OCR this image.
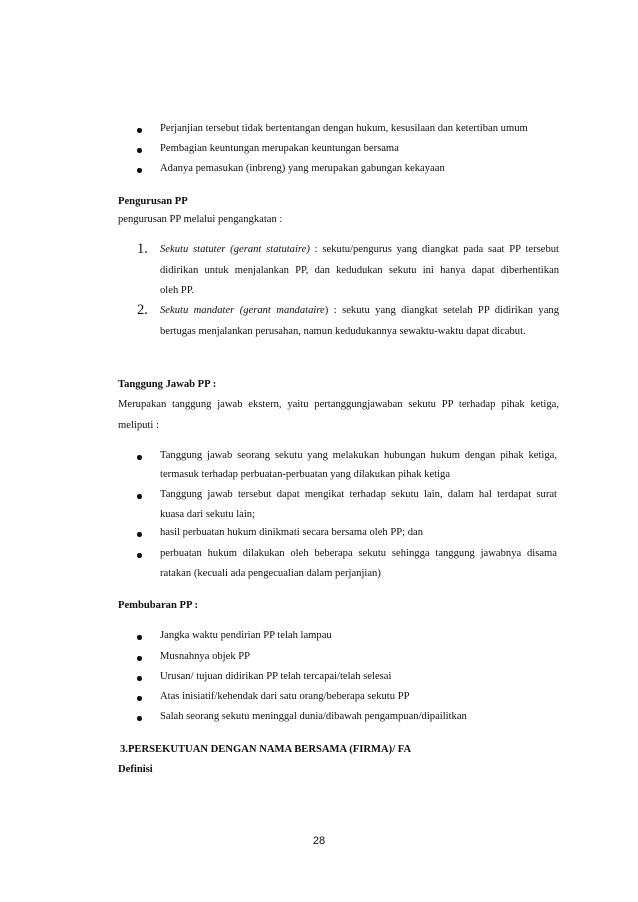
Perjanjian tersebut tidak bertentangan dengan hukum, kesusilaan dan ketertiban umum
Pembagian keuntungan merupakan keuntungan bersama
Adanya pemasukan (inbreng) yang merupakan gabungan kekayaan
Pengurusan PP
pengurusan PP melalui pengangkatan :
1. Sekutu statuter (gerant statutaire) : sekutu/pengurus yang diangkat pada saat PP tersebut
didirikan untuk menjalankan PP, dan kedudukan sekutu ini hanya dapat diberhentikan
oleh PP.
2. Sekutu mandater (gerant mandataire) : sekutu yang diangkat setelah PP didirikan yang
bertugas menjalankan perusahan, namun kedudukannya sewaktu-waktu dapat dicabut.
Tanggung Jawab PP :
Merupakan tanggung jawab ekstern, yaitu pertanggungjawaban sekutu PP terhadap pihak ketiga,
meliputi :
Tanggung jawab seorang sekutu yang melakukan hubungan hukum dengan pihak ketiga,
termasuk terhadap perbuatan-perbuatan yang dilakukan pihak ketiga
Tanggung jawab tersebut dapat mengikat terhadap sekutu lain, dalam hal terdapat surat
kuasa dari sekutu lain;
hasil perbuatan hukum dinikmati secara bersama oleh PP; dan
perbuatan hukum dilakukan oleh beberapa sekutu sehingga tanggung jawabnya disama
ratakan (kecuali ada pengecualian dalam perjanjian)
Pembubaran PP :
Jangka waktu pendirian PP telah lampau
Musnahnya objek PP
Urusan/ tujuan didirikan PP telah tercapai/telah selesai
Atas inisiatif/kehendak dari satu orang/beberapa sekutu PP
Salah seorang sekutu meninggal dunia/dibawah pengampuan/dipailitkan
3.PERSEKUTUAN DENGAN NAMA BERSAMA (FIRMA)/ FA
Definisi
28
